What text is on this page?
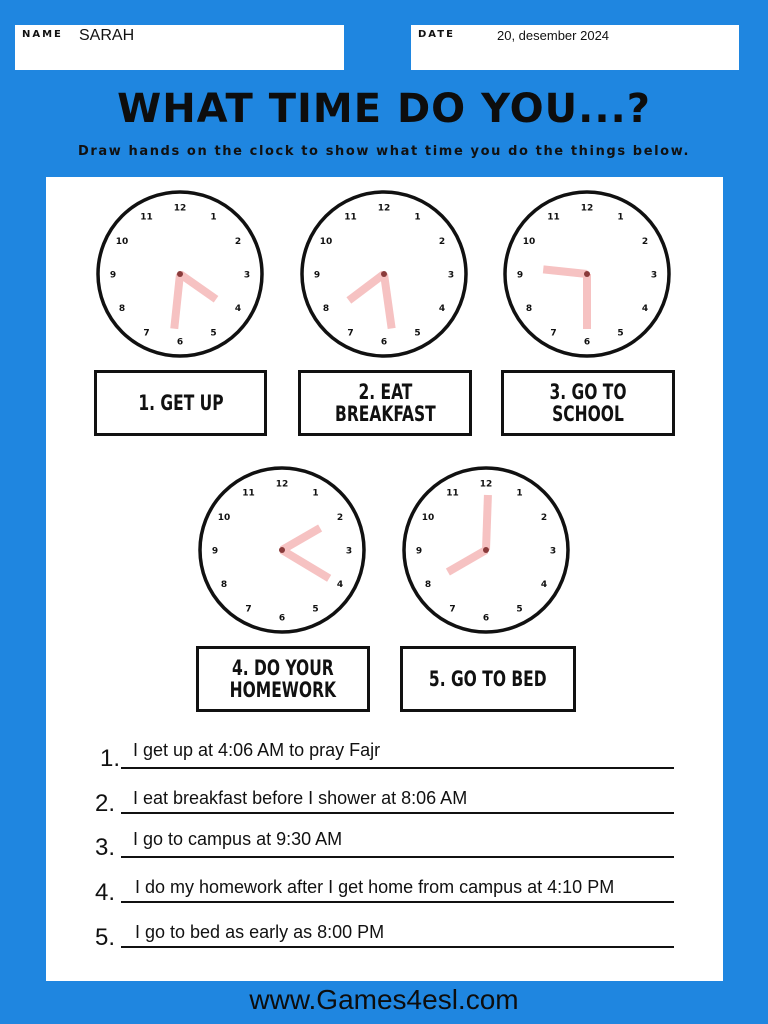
NAME SARAH	DATE	20, desember 2024
WHAT TIME DO YOU...?
Draw hands on the clock to show what time you do the things below.
12
1
2
3
4
5
6
7
8
9
10
11
12
1
2
3
4
5
6
7
8
9
10
11
12
1
2
3
4
5
6
7
8
9
10
11
12
1
2
3
4
5
6
7
8
9
10
11
12
1
2
3
4
5
6
7
8
9
10
11
1. GET UP	2. EAT
BREAKFAST
3. GO TO
SCHOOL
4. DO YOUR
HOMEWORK	5. GO TO BED
1. I get up at 4:06 AM to pray Fajr
2. I eat breakfast before I shower at 8:06 AM
3. I go to campus at 9:30 AM
4. I do my homework after I get home from campus at 4:10 PM
5. I go to bed as early as 8:00 PM
www.Games4esl.com
